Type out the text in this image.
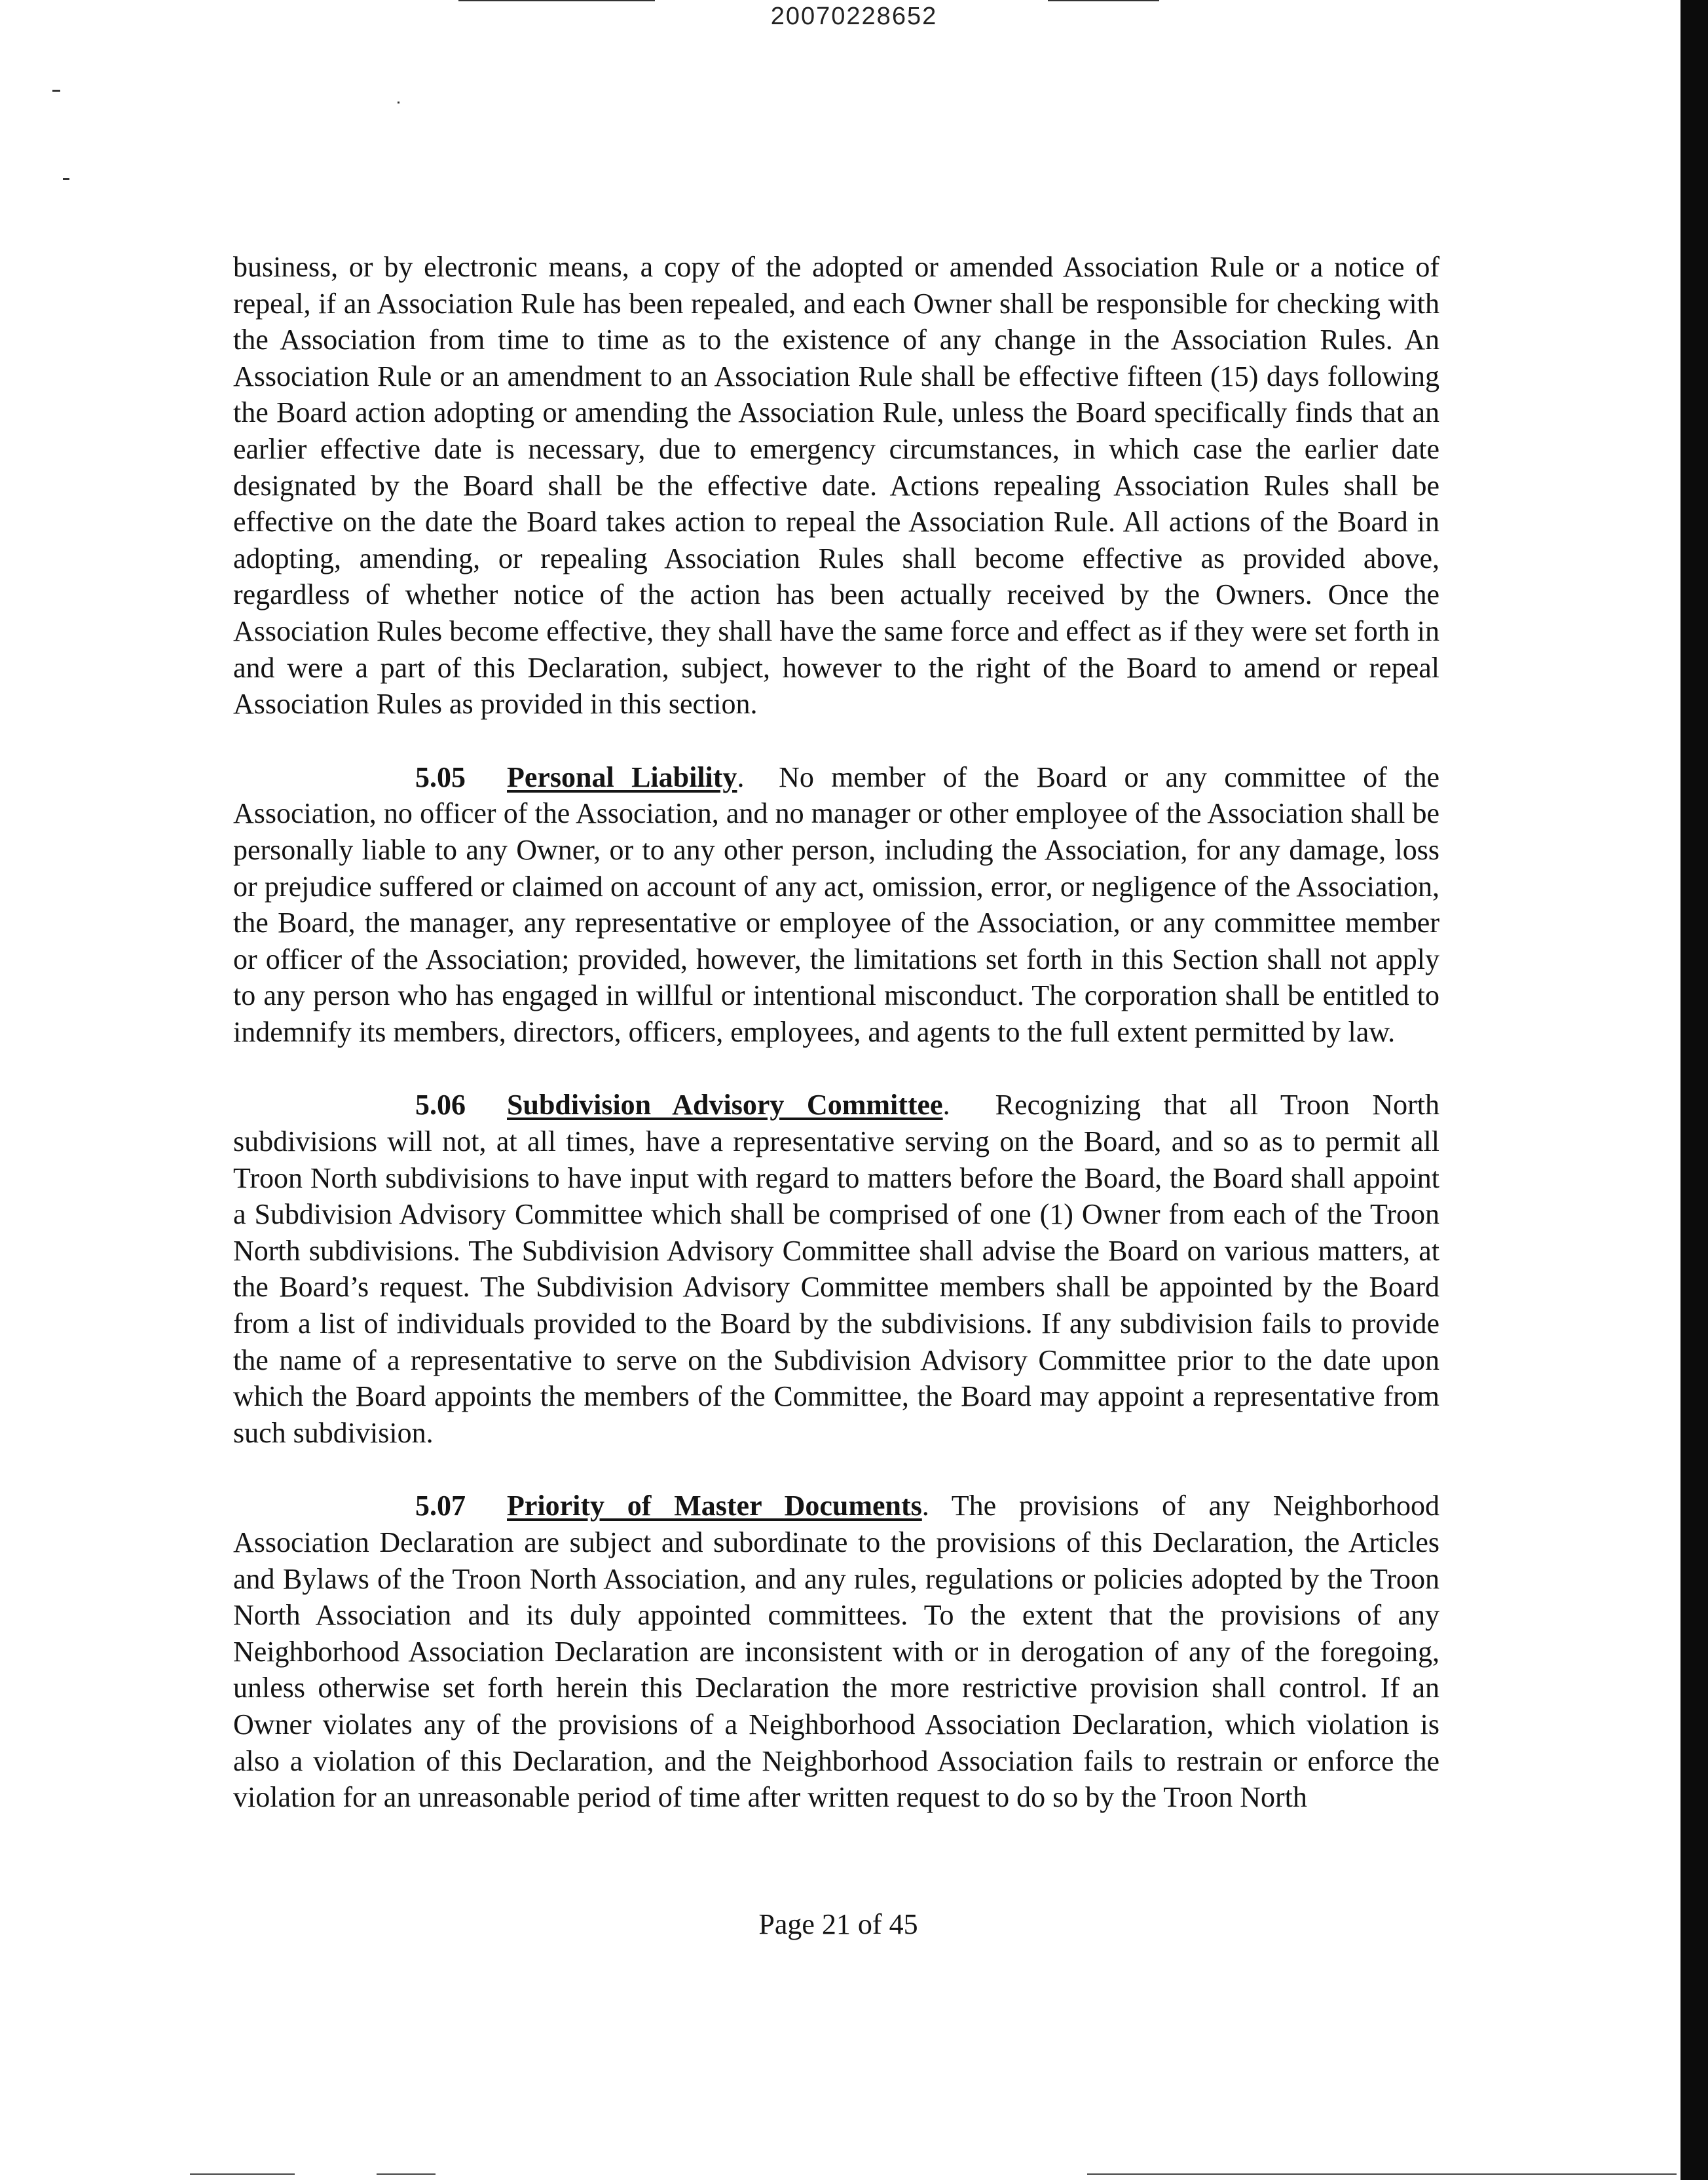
20070228652

business, or by electronic means, a copy of the adopted or amended Association Rule or a notice of repeal, if an Association Rule has been repealed, and each Owner shall be responsible for checking with the Association from time to time as to the existence of any change in the Association Rules. An Association Rule or an amendment to an Association Rule shall be effective fifteen (15) days following the Board action adopting or amending the Association Rule, unless the Board specifically finds that an earlier effective date is necessary, due to emergency circumstances, in which case the earlier date designated by the Board shall be the effective date. Actions repealing Association Rules shall be effective on the date the Board takes action to repeal the Association Rule. All actions of the Board in adopting, amending, or repealing Association Rules shall become effective as provided above, regardless of whether notice of the action has been actually received by the Owners. Once the Association Rules become effective, they shall have the same force and effect as if they were set forth in and were a part of this Declaration, subject, however to the right of the Board to amend or repeal Association Rules as provided in this section.

5.05 Personal Liability.  No member of the Board or any committee of the Association, no officer of the Association, and no manager or other employee of the Association shall be personally liable to any Owner, or to any other person, including the Association, for any damage, loss or prejudice suffered or claimed on account of any act, omission, error, or negligence of the Association, the Board, the manager, any representative or employee of the Association, or any committee member or officer of the Association; provided, however, the limitations set forth in this Section shall not apply to any person who has engaged in willful or intentional misconduct. The corporation shall be entitled to indemnify its members, directors, officers, employees, and agents to the full extent permitted by law.

5.06 Subdivision Advisory Committee.  Recognizing that all Troon North subdivisions will not, at all times, have a representative serving on the Board, and so as to permit all Troon North subdivisions to have input with regard to matters before the Board, the Board shall appoint a Subdivision Advisory Committee which shall be comprised of one (1) Owner from each of the Troon North subdivisions. The Subdivision Advisory Committee shall advise the Board on various matters, at the Board’s request. The Subdivision Advisory Committee members shall be appointed by the Board from a list of individuals provided to the Board by the subdivisions. If any subdivision fails to provide the name of a representative to serve on the Subdivision Advisory Committee prior to the date upon which the Board appoints the members of the Committee, the Board may appoint a representative from such subdivision.

5.07 Priority of Master Documents. The provisions of any Neighborhood Association Declaration are subject and subordinate to the provisions of this Declaration, the Articles and Bylaws of the Troon North Association, and any rules, regulations or policies adopted by the Troon North Association and its duly appointed committees. To the extent that the provisions of any Neighborhood Association Declaration are inconsistent with or in derogation of any of the foregoing, unless otherwise set forth herein this Declaration the more restrictive provision shall control. If an Owner violates any of the provisions of a Neighborhood Association Declaration, which violation is also a violation of this Declaration, and the Neighborhood Association fails to restrain or enforce the violation for an unreasonable period of time after written request to do so by the Troon North

Page 21 of 45
